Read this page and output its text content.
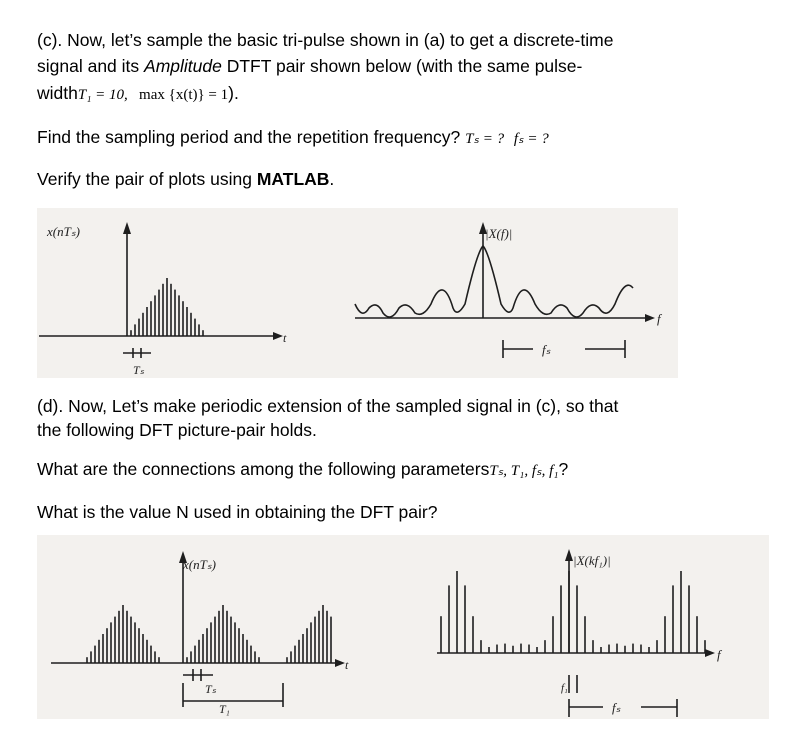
(c). Now, let’s sample the basic tri-pulse shown in (a) to get a discrete-time

signal and its Amplitude DTFT pair shown below (with the same pulse-

widthT₁ = 10, max {x(t)} = 1).

Find the sampling period and the repetition frequency? Tₛ = ? fₛ = ?

Verify the pair of plots using MATLAB.

x(nTₛ)
Tₛ
t
|X(f)|
fₛ
f

(d). Now, Let’s make periodic extension of the sampled signal in (c), so that

the following DFT picture-pair holds.

What are the connections among the following parametersTₛ, T₁, fₛ, f₁?

What is the value N used in obtaining the DFT pair?

x(nTₛ)
Tₛ
T₁
t
|X(kf₁)|
f₁
fₛ
f
